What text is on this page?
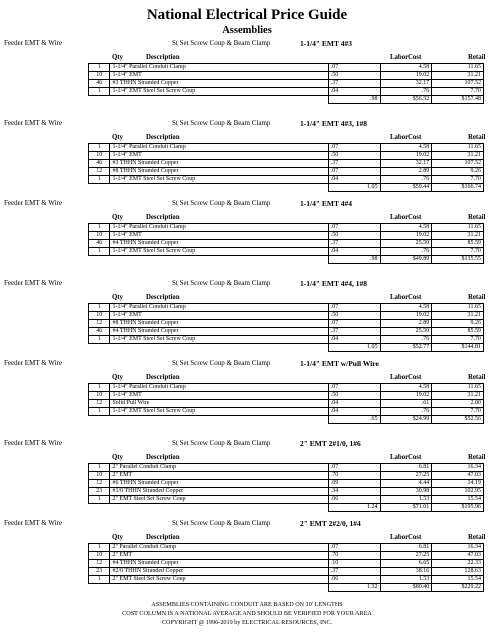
National Electrical Price Guide
Assemblies
Feeder EMT & Wire	St Set Screw Coup & Beam Clamp	1-1/4" EMT 4#3
Qty	Description	Labor Cost	Retail
1	1-1/4" Parallel Conduit Clamp	.07	4.58	11.65
10	1-1/4" EMT	.50	19.02	31.21
46	#3 THHN Stranded Copper	.37	32.17	107.52
1	1-1/4" EMT Steel Set Screw Coup	.04	.76	7.70
		.98	$56.52	$157.48
Feeder EMT & Wire	St Set Screw Coup & Beam Clamp	1-1/4" EMT 4#3, 1#8
Qty	Description	Labor Cost	Retail
1	1-1/4" Parallel Conduit Clamp	.07	4.58	11.65
10	1-1/4" EMT	.50	19.02	31.21
46	#3 THHN Stranded Copper	.37	32.17	107.52
12	#8 THHN Stranded Copper	.07	2.89	9.26
1	1-1/4" EMT Steel Set Screw Coup	.04	.76	7.70
		1.05	$59.44	$166.74
Feeder EMT & Wire	St Set Screw Coup & Beam Clamp	1-1/4" EMT 4#4
Qty	Description	Labor Cost	Retail
1	1-1/4" Parallel Conduit Clamp	.07	4.58	11.65
10	1-1/4" EMT	.50	19.02	31.21
46	#4 THHN Stranded Copper	.37	25.50	85.59
1	1-1/4" EMT Steel Set Screw Coup	.04	.76	7.70
		.98	$49.89	$135.55
Feeder EMT & Wire	St Set Screw Coup & Beam Clamp	1-1/4" EMT 4#4, 1#8
Qty	Description	Labor Cost	Retail
1	1-1/4" Parallel Conduit Clamp	.07	4.58	11.65
10	1-1/4" EMT	.50	19.02	31.21
12	#8 THHN Stranded Copper	.07	2.89	9.26
46	#4 THHN Stranded Copper	.37	25.50	85.59
1	1-1/4" EMT Steel Set Screw Coup	.04	.76	7.70
		1.05	$52.77	$144.81
Feeder EMT & Wire	St Set Screw Coup & Beam Clamp	1-1/4" EMT w/Pull Wire
Qty	Description	Labor Cost	Retail
1	1-1/4" Parallel Conduit Clamp	.07	4.58	11.65
10	1-1/4" EMT	.50	19.02	31.21
12	Solid Pull Wire	.04	.61	2.00
1	1-1/4" EMT Steel Set Screw Coup	.04	.76	7.70
		.65	$24.99	$52.56
Feeder EMT & Wire	St Set Screw Coup & Beam Clamp	2" EMT 2#1/0, 1#6
Qty	Description	Labor Cost	Retail
1	2" Parallel Conduit Clamp	.07	6.81	16.34
10	2" EMT	.70	27.25	47.03
12	#6 THHN Stranded Copper	.09	4.44	14.19
23	#1/0 THHN Stranded Copper	.34	30.98	102.95
1	2" EMT Steel Set Screw Coup	.06	1.53	15.54
		1.24	$71.01	$195.96
Feeder EMT & Wire	St Set Screw Coup & Beam Clamp	2" EMT 2#2/0, 1#4
Qty	Description	Labor Cost	Retail
1	2" Parallel Conduit Clamp	.07	6.81	16.34
10	2" EMT	.70	27.25	47.03
12	#4 THHN Stranded Copper	.10	6.65	22.33
23	#2/0 THHN Stranded Copper	.37	38.16	128.63
1	2" EMT Steel Set Screw Coup	.06	1.53	15.54
		1.32	$80.40	$229.22
ASSEMBLIES CONTAINING CONDUIT ARE BASED ON 10' LENGTHS
COST COLUMN IS A NATIONAL AVERAGE AND SHOULD BE VERIFIED FOR YOUR AREA
COPYRIGHT @ 1996-2019 by ELECTRICAL RESOURCES, INC.
